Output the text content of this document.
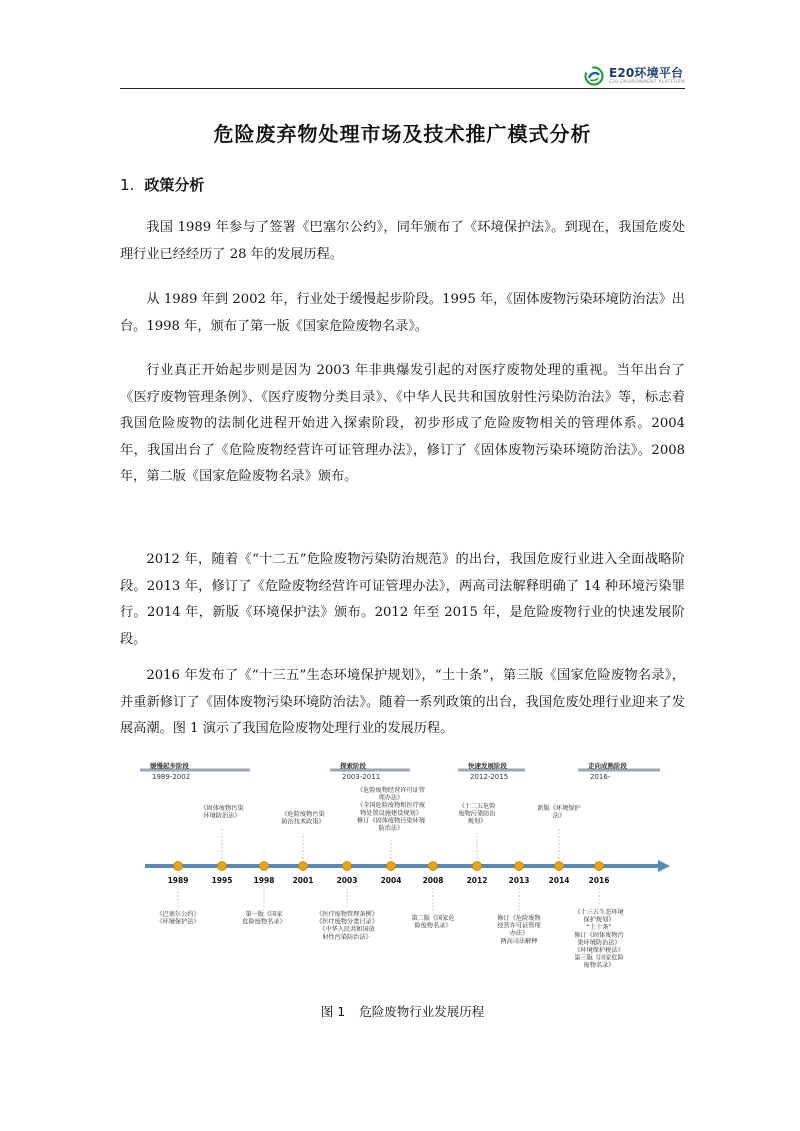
E20环境平台
E20 ENVIRONMENT PLATFORM
危险废弃物处理市场及技术推广模式分析
1. 政策分析

我国 1989 年参与了签署《巴塞尔公约》，同年颁布了《环境保护法》。到现在，我国危废处理行业已经经历了 28 年的发展历程。

从 1989 年到 2002 年，行业处于缓慢起步阶段。1995 年，《固体废物污染环境防治法》出台。1998 年，颁布了第一版《国家危险废物名录》。

行业真正开始起步则是因为 2003 年非典爆发引起的对医疗废物处理的重视。当年出台了《医疗废物管理条例》、《医疗废物分类目录》、《中华人民共和国放射性污染防治法》等，标志着我国危险废物的法制化进程开始进入探索阶段，初步形成了危险废物相关的管理体系。2004 年，我国出台了《危险废物经营许可证管理办法》，修订了《固体废物污染环境防治法》。2008 年，第二版《国家危险废物名录》颁布。

2012 年，随着《“十二五”危险废物污染防治规范》的出台，我国危废行业进入全面战略阶段。2013 年，修订了《危险废物经营许可证管理办法》，两高司法解释明确了 14 种环境污染罪行。2014 年，新版《环境保护法》颁布。2012 年至 2015 年，是危险废物行业的快速发展阶段。

2016 年发布了《“十三五”生态环境保护规划》，“土十条”，第三版《国家危险废物名录》，并重新修订了《固体废物污染环境防治法》。随着一系列政策的出台，我国危废处理行业迎来了发展高潮。图 1 演示了我国危险废物处理行业的发展历程。

缓慢起步阶段
1989-2002
探索阶段
2003-2011
快速发展阶段
2012-2015
走向成熟阶段
2016-
1989	1995	1998 2001	2003	2004	2008	2012	2013	2014	2016
《固体废物污染
环境防治法》	《危险废物污染
防治技术政策》
《危险废物经营许可证管
理办法》
《全国危险废物和医疗废
物处置设施建设规划》
修订《固体废物污染环境
防治法》
《十二五危险
废物污染防治
规划》
新版《环境保护
法》
《巴塞尔公约》
《环境保护法》
第一版《国家
危险废物名录》
《医疗废物管理条例》
《医疗废物分类目录》
《中华人民共和国放
射性污染防治法》
第二版《国家危
险废物名录》
修订《危险废物
经营许可证管理
办法》
两高司法解释
《十三五生态环境
保护规划》
“土十条”
修订《固体废物污
染环境防治法》
《环境保护税法》
第三版《国家危险
废物名录》
图 1 危险废物行业发展历程
